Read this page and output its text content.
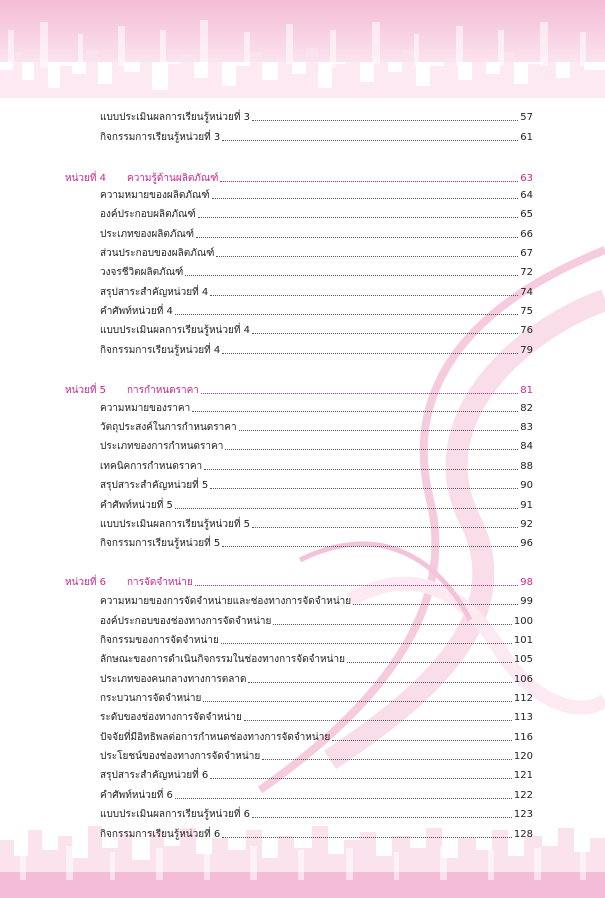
แบบประเมินผลการเรียนรู้หน่วยที่ 3	57
กิจกรรมการเรียนรู้หน่วยที่ 3	61
หน่วยที่ 4 ความรู้ด้านผลิตภัณฑ์	63
ความหมายของผลิตภัณฑ์	64
องค์ประกอบผลิตภัณฑ์	65
ประเภทของผลิตภัณฑ์	66
ส่วนประกอบของผลิตภัณฑ์	67
วงจรชีวิตผลิตภัณฑ์	72
สรุปสาระสำคัญหน่วยที่ 4	74
คำศัพท์หน่วยที่ 4	75
แบบประเมินผลการเรียนรู้หน่วยที่ 4	76
กิจกรรมการเรียนรู้หน่วยที่ 4	79
หน่วยที่ 5 การกำหนดราคา	81
ความหมายของราคา	82
วัตถุประสงค์ในการกำหนดราคา	83
ประเภทของการกำหนดราคา	84
เทคนิคการกำหนดราคา	88
สรุปสาระสำคัญหน่วยที่ 5	90
คำศัพท์หน่วยที่ 5	91
แบบประเมินผลการเรียนรู้หน่วยที่ 5	92
กิจกรรมการเรียนรู้หน่วยที่ 5	96
หน่วยที่ 6 การจัดจำหน่าย	98
ความหมายของการจัดจำหน่ายและช่องทางการจัดจำหน่าย	99
องค์ประกอบของช่องทางการจัดจำหน่าย	100
กิจกรรมของการจัดจำหน่าย	101
ลักษณะของการดำเนินกิจกรรมในช่องทางการจัดจำหน่าย	105
ประเภทของคนกลางทางการตลาด	106
กระบวนการจัดจำหน่าย	112
ระดับของช่องทางการจัดจำหน่าย	113
ปัจจัยที่มีอิทธิพลต่อการกำหนดช่องทางการจัดจำหน่าย	116
ประโยชน์ของช่องทางการจัดจำหน่าย	120
สรุปสาระสำคัญหน่วยที่ 6	121
คำศัพท์หน่วยที่ 6	122
แบบประเมินผลการเรียนรู้หน่วยที่ 6	123
กิจกรรมการเรียนรู้หน่วยที่ 6	128
